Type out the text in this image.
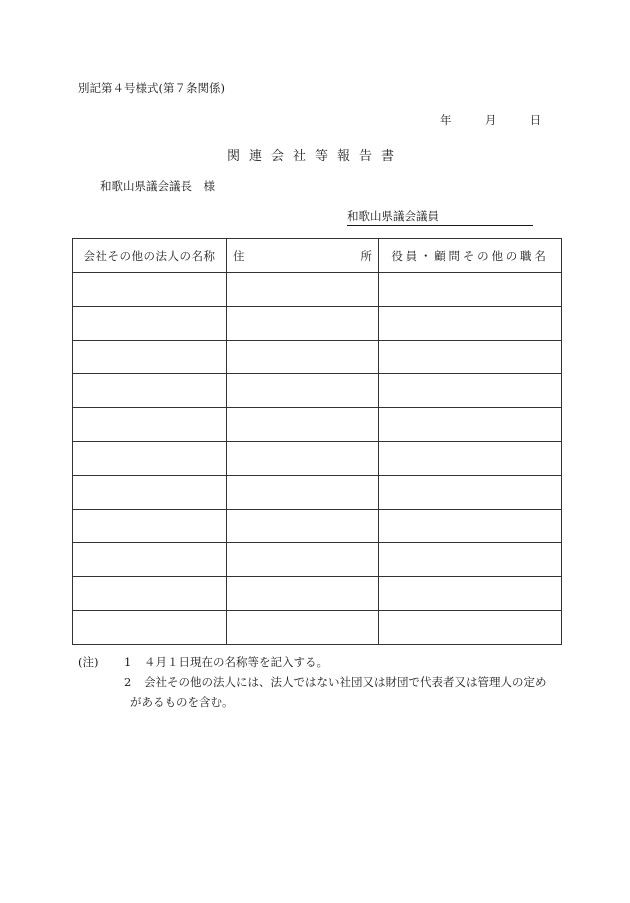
別記第４号様式(第７条関係)
年	月	日
関連会社等報告書
和歌山県議会議長　様
和歌山県議会議員
会社その他の法人の名称	住 所	役員・顧問その他の職名

(注) 1 ４月１日現在の名称等を記入する。
2 会社その他の法人には、法人ではない社団又は財団で代表者又は管理人の定め
があるものを含む。
